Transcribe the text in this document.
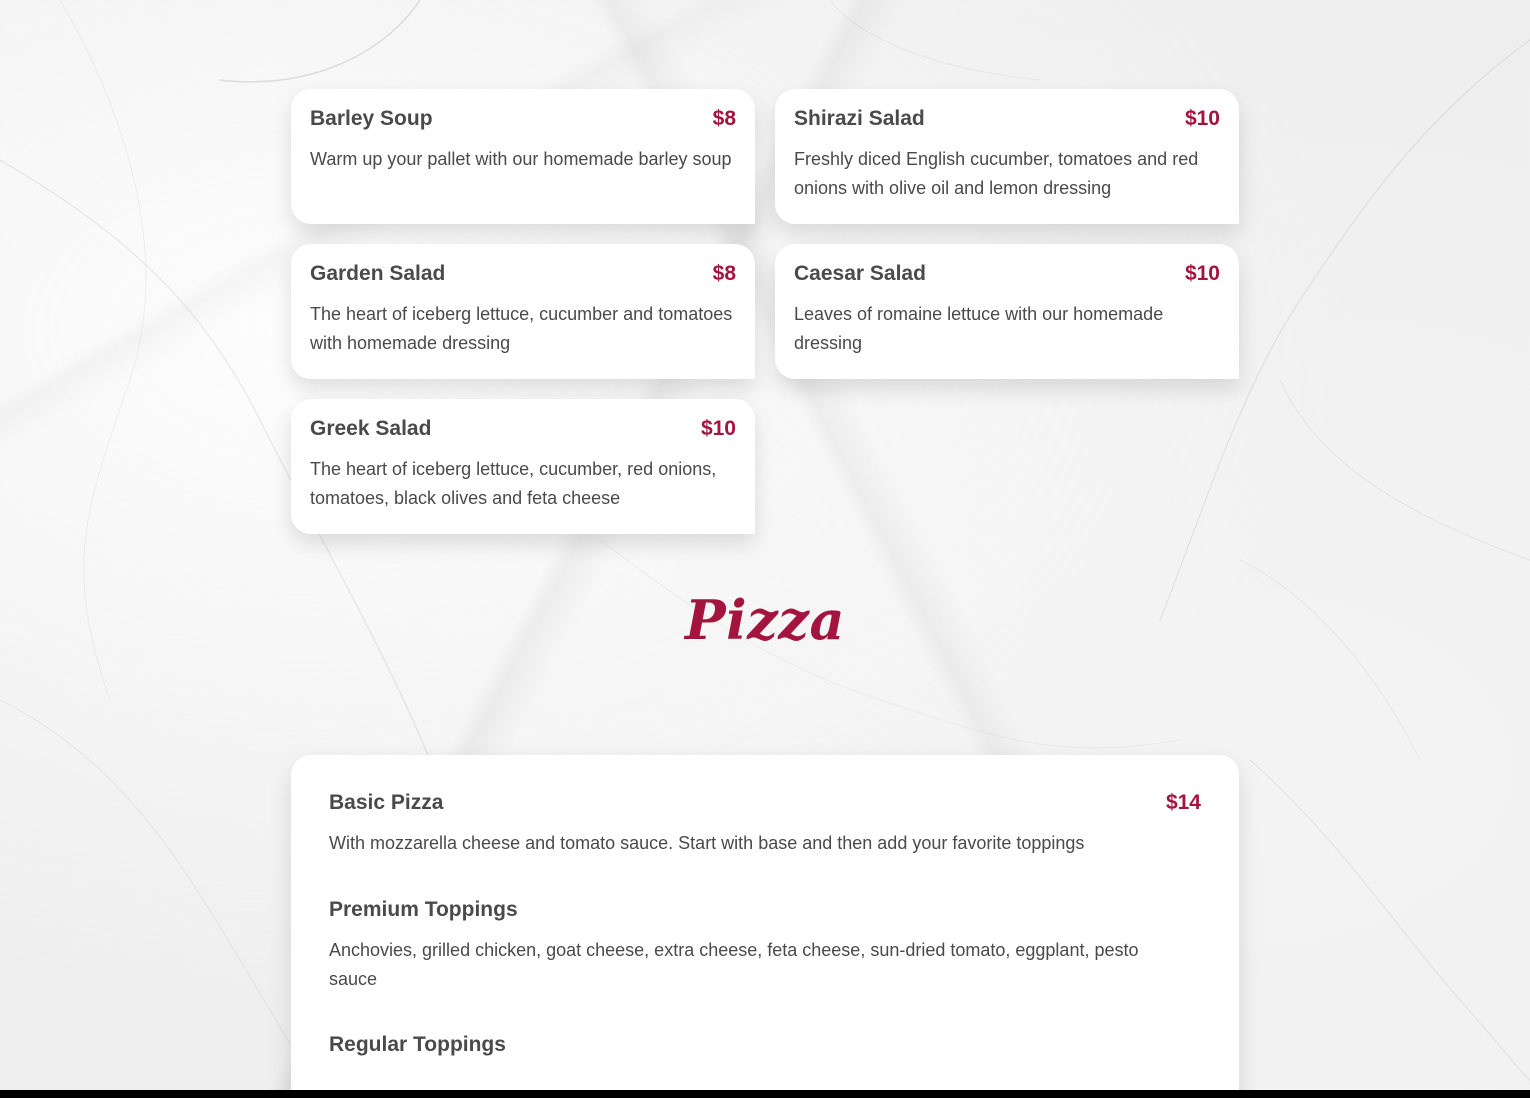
Barley Soup	$8
Warm up your pallet with our homemade barley soup
Shirazi Salad	$10
Freshly diced English cucumber, tomatoes and red onions with olive oil and lemon dressing
Garden Salad	$8
The heart of iceberg lettuce, cucumber and tomatoes with homemade dressing
Caesar Salad	$10
Leaves of romaine lettuce with our homemade dressing
Greek Salad	$10
The heart of iceberg lettuce, cucumber, red onions, tomatoes, black olives and feta cheese
Pizza
Basic Pizza	$14
With mozzarella cheese and tomato sauce. Start with base and then add your favorite toppings
Premium Toppings
Anchovies, grilled chicken, goat cheese, extra cheese, feta cheese, sun-dried tomato, eggplant, pesto sauce
Regular Toppings
